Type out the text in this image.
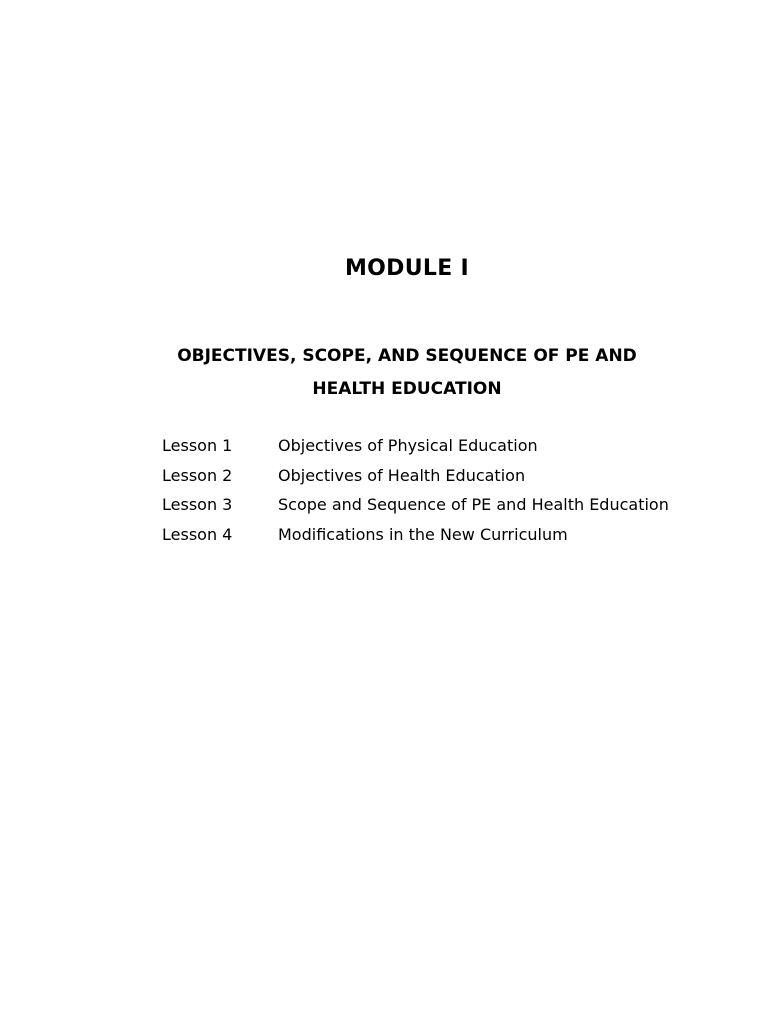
MODULE I
OBJECTIVES, SCOPE, AND SEQUENCE OF PE AND
HEALTH EDUCATION
Lesson 1	Objectives of Physical Education
Lesson 2	Objectives of Health Education
Lesson 3	Scope and Sequence of PE and Health Education
Lesson 4	Modifications in the New Curriculum
